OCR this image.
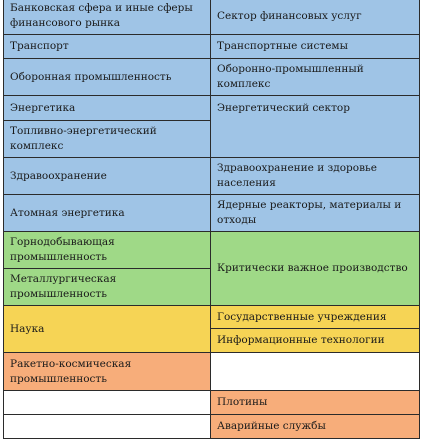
Банковская сфера и иные сферы финансового рынка	Сектор финансовых услуг
Транспорт	Транспортные системы
Оборонная промышленность	Оборонно-промышленный комплекс
Энергетика	Энергетический сектор
Топливно-энергетический комплекс	
Здравоохранение	Здравоохранение и здоровье населения
Атомная энергетика	Ядерные реакторы, материалы и отходы
Горнодобывающая промышленность	Критически важное производство
Металлургическая промышленность	
Наука	Государственные учреждения
	Информационные технологии
Ракетно-космическая промышленность	
	Плотины
	Аварийные службы
